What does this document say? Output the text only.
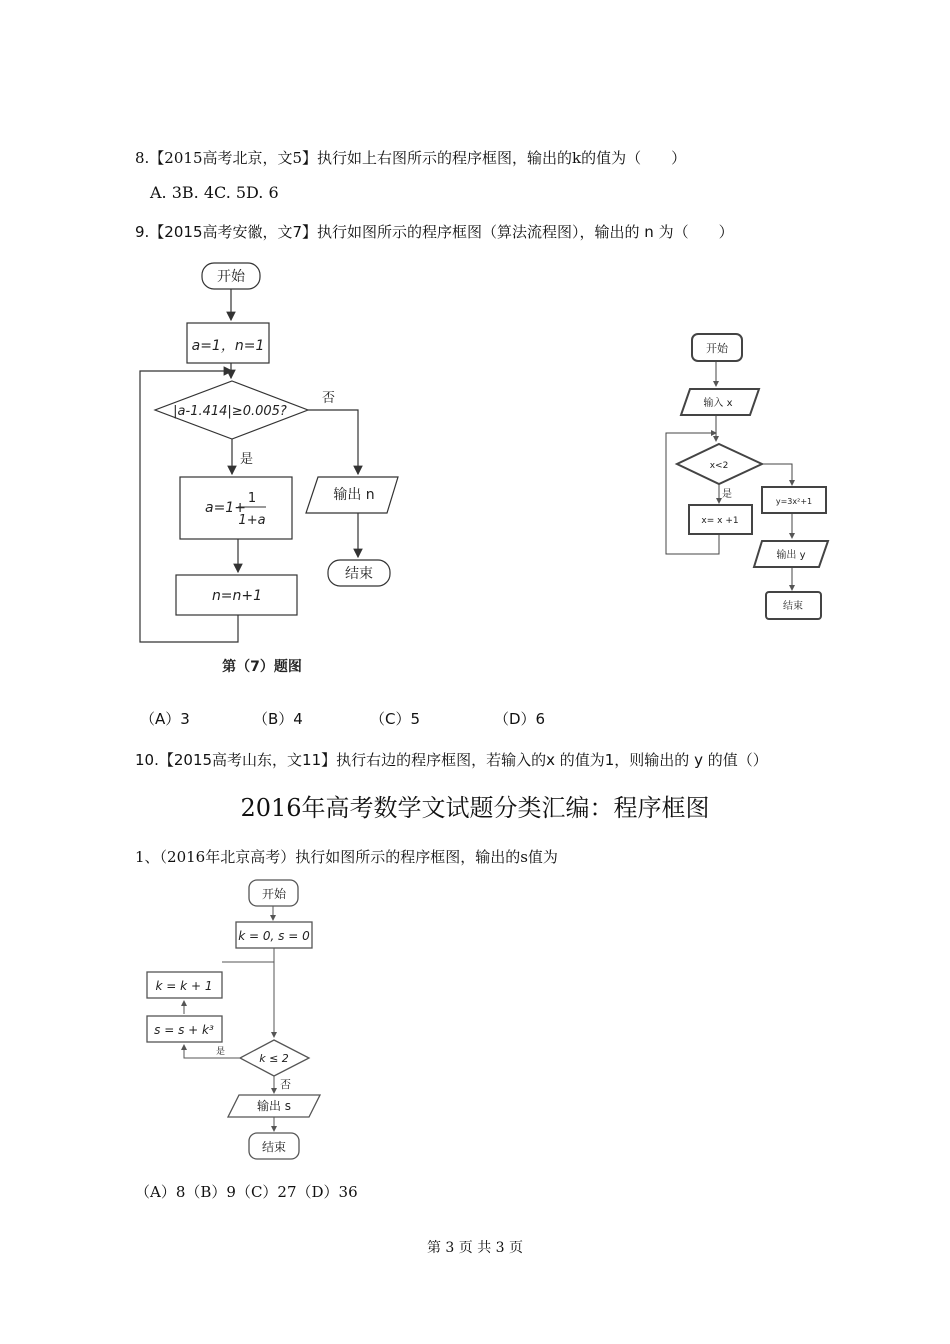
8.【2015高考北京，文5】执行如上右图所示的程序框图，输出的k的值为（　　）
A. 3B. 4C. 5D. 6
9.【2015高考安徽，文7】执行如图所示的程序框图（算法流程图），输出的 n 为（　　）
开始
a=1，n=1
|a-1.414|≥0.005?
否
是
a=1+
1
1+a
n=n+1
输出 n
结束
第（7）题图
开始
输入 x
x<2
是
x= x +1
y=3x²+1
输出 y
结束
开始
k = 0, s = 0
k = k + 1
s = s + k³
k ≤ 2
是
否
输出 s
结束
（A）3	（B）4	（C）5	（D）6
10.【2015高考山东，文11】执行右边的程序框图，若输入的x 的值为1，则输出的 y 的值（）
2016年高考数学文试题分类汇编：程序框图
1、（2016年北京高考）执行如图所示的程序框图，输出的s值为
（A）8（B）9（C）27（D）36
第 3 页 共 3 页
